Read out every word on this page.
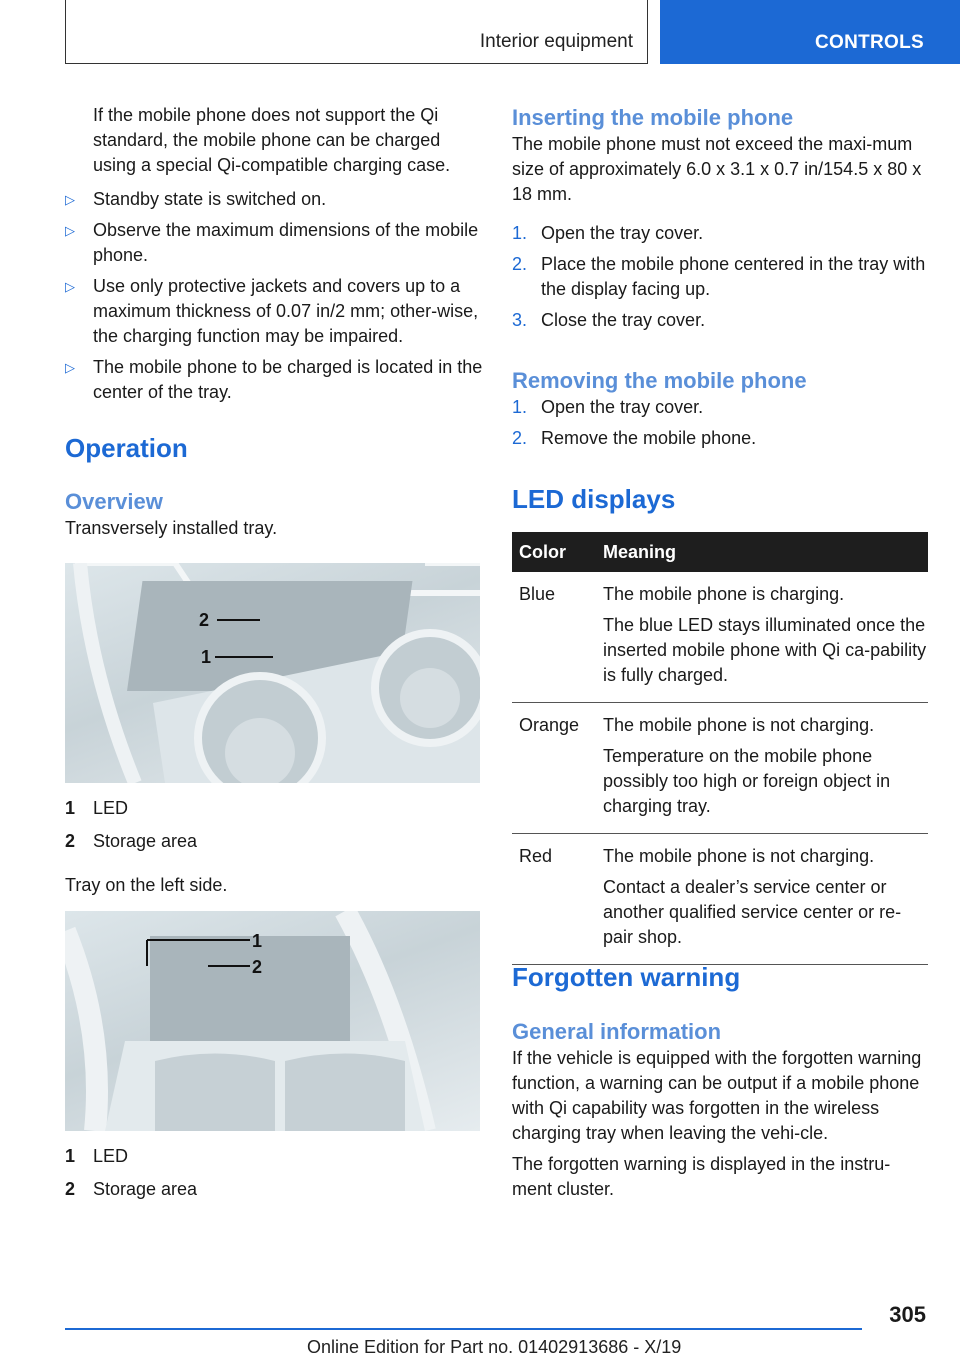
Interior equipment	CONTROLS

If the mobile phone does not support the Qi standard, the mobile phone can be charged using a special Qi-compatible charging case.

▷ Standby state is switched on.
▷ Observe the maximum dimensions of the mobile phone.
▷ Use only protective jackets and covers up to a maximum thickness of 0.07 in/2 mm; other-wise, the charging function may be impaired.
▷ The mobile phone to be charged is located in the center of the tray.
Operation
Overview

Transversely installed tray.

2
1
1 LED
2 Storage area

Tray on the left side.

1
2
1 LED
2 Storage area
Inserting the mobile phone

The mobile phone must not exceed the maxi-mum size of approximately 6.0 x 3.1 x 0.7 in/154.5 x 80 x 18 mm.

1. Open the tray cover.
2. Place the mobile phone centered in the tray with the display facing up.
3. Close the tray cover.
Removing the mobile phone
1. Open the tray cover.
2. Remove the mobile phone.
LED displays
Color	Meaning
Blue	The mobile phone is charging.

The blue LED stays illuminated once the inserted mobile phone with Qi ca-pability is fully charged.

Orange	The mobile phone is not charging.

Temperature on the mobile phone possibly too high or foreign object in charging tray.

Red	The mobile phone is not charging.

Contact a dealer’s service center or another qualified service center or re-pair shop.

Forgotten warning
General information

If the vehicle is equipped with the forgotten warning function, a warning can be output if a mobile phone with Qi capability was forgotten in the wireless charging tray when leaving the vehi-cle.

The forgotten warning is displayed in the instru-ment cluster.

305
Online Edition for Part no. 01402913686 - X/19
